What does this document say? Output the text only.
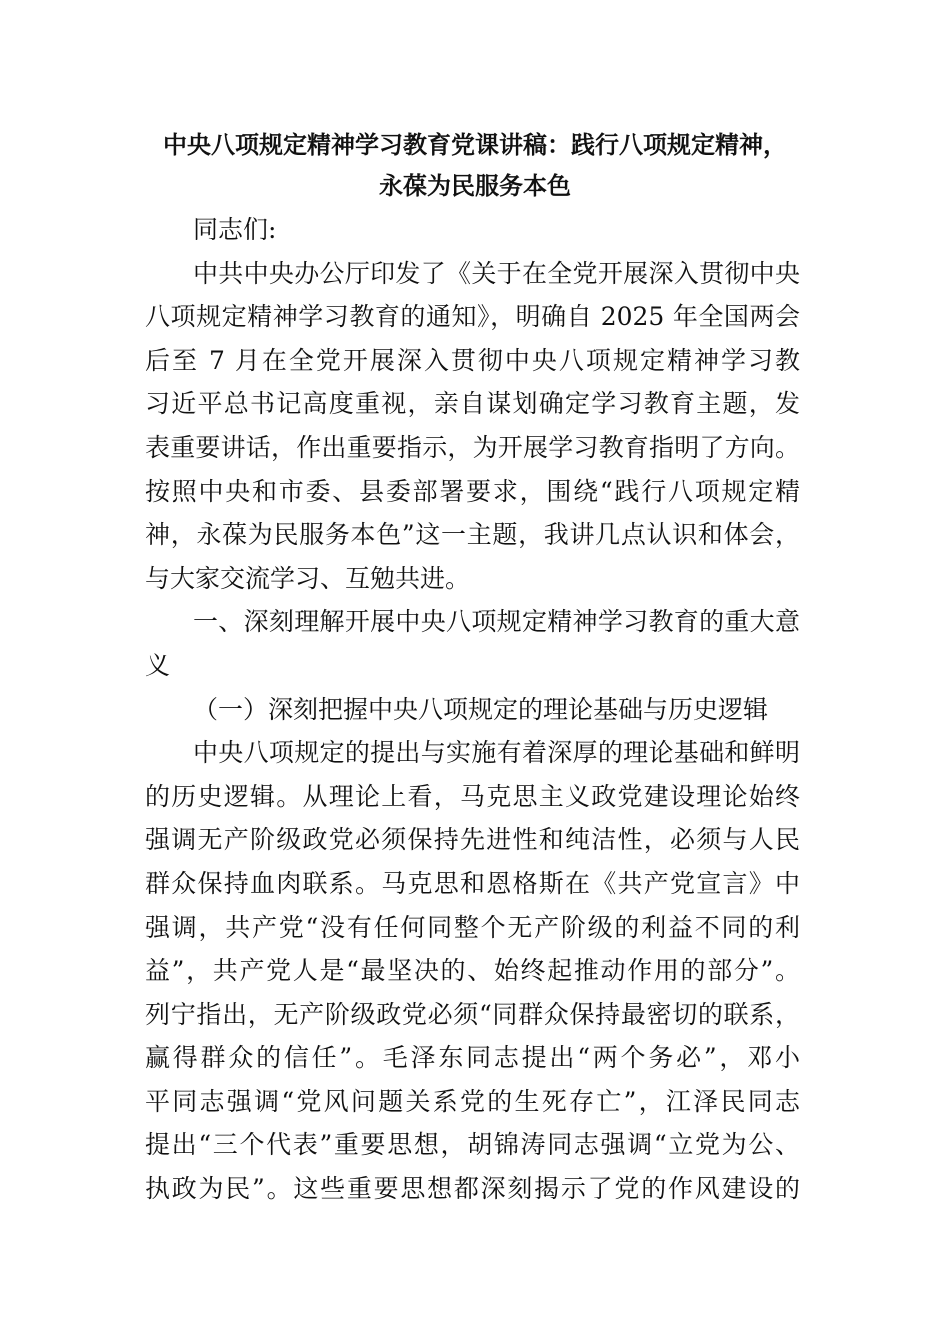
中央八项规定精神学习教育党课讲稿：践行八项规定精神，
永葆为民服务本色
同志们:
中共中央办公厅印发了《关于在全党开展深入贯彻中央
八项规定精神学习教育的通知》，明确自 2025 年全国两会
后至 7 月在全党开展深入贯彻中央八项规定精神学习教
习近平总书记高度重视，亲自谋划确定学习教育主题，发
表重要讲话，作出重要指示，为开展学习教育指明了方向。
按照中央和市委、县委部署要求，围绕“践行八项规定精
神，永葆为民服务本色”这一主题，我讲几点认识和体会，
与大家交流学习、互勉共进。
一、深刻理解开展中央八项规定精神学习教育的重大意
义
（一）深刻把握中央八项规定的理论基础与历史逻辑
中央八项规定的提出与实施有着深厚的理论基础和鲜明
的历史逻辑。从理论上看，马克思主义政党建设理论始终
强调无产阶级政党必须保持先进性和纯洁性，必须与人民
群众保持血肉联系。马克思和恩格斯在《共产党宣言》中
强调，共产党“没有任何同整个无产阶级的利益不同的利
益”，共产党人是“最坚决的、始终起推动作用的部分”。
列宁指出，无产阶级政党必须“同群众保持最密切的联系，
赢得群众的信任”。毛泽东同志提出“两个务必”，邓小
平同志强调“党风问题关系党的生死存亡”，江泽民同志
提出“三个代表”重要思想，胡锦涛同志强调“立党为公、
执政为民”。这些重要思想都深刻揭示了党的作风建设的
